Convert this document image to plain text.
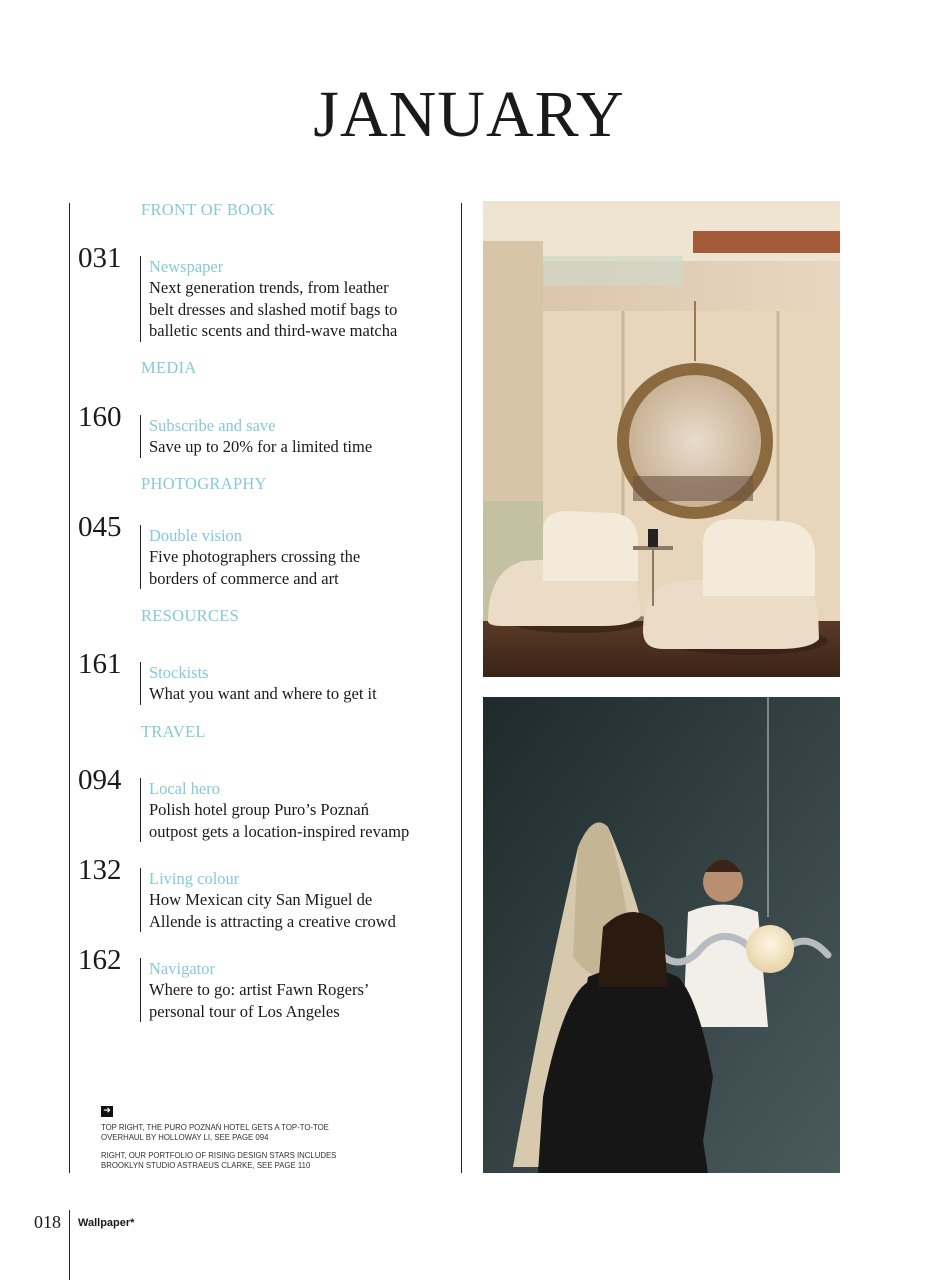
JANUARY
FRONT OF BOOK
031 Newspaper
Next generation trends, from leather
belt dresses and slashed motif bags to
balletic scents and third-wave matcha
MEDIA
160 Subscribe and save
Save up to 20% for a limited time
PHOTOGRAPHY
045 Double vision
Five photographers crossing the
borders of commerce and art
RESOURCES
161 Stockists
What you want and where to get it
TRAVEL
094 Local hero
Polish hotel group Puro’s Poznań
outpost gets a location-inspired revamp
132 Living colour
How Mexican city San Miguel de
Allende is attracting a creative crowd
162 Navigator
Where to go: artist Fawn Rogers’
personal tour of Los Angeles
➜
TOP RIGHT, THE PURO POZNAŃ HOTEL GETS A TOP-TO-TOE
OVERHAUL BY HOLLOWAY LI, SEE PAGE 094
RIGHT, OUR PORTFOLIO OF RISING DESIGN STARS INCLUDES
BROOKLYN STUDIO ASTRAEUS CLARKE, SEE PAGE 110
018 Wallpaper*
